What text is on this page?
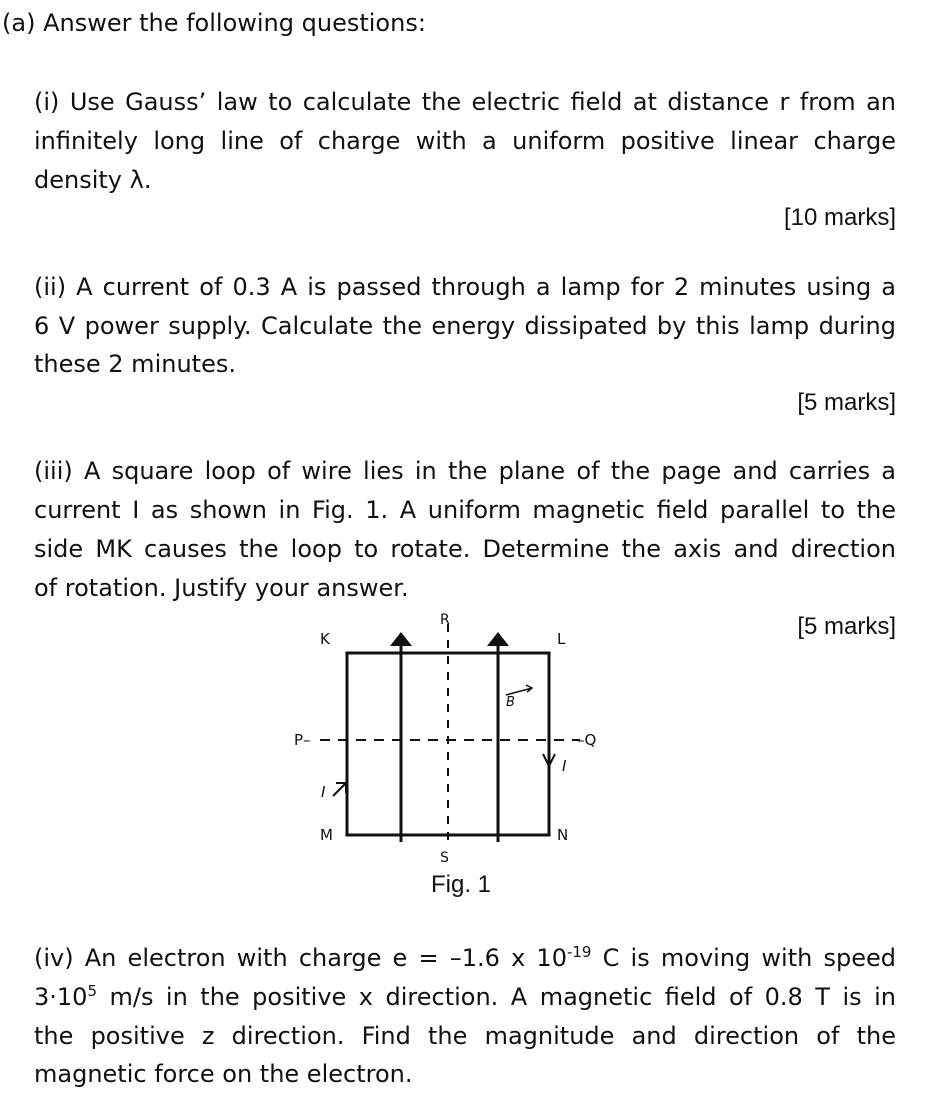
(a) Answer the following questions:
(i) Use Gauss’ law to calculate the electric field at distance r from an
infinitely long line of charge with a uniform positive linear charge
density λ.
[10 marks]
(ii) A current of 0.3 A is passed through a lamp for 2 minutes using a
6 V power supply. Calculate the energy dissipated by this lamp during
these 2 minutes.
[5 marks]
(iii) A square loop of wire lies in the plane of the page and carries a
current I as shown in Fig. 1. A uniform magnetic field parallel to the
side MK causes the loop to rotate. Determine the axis and direction
of rotation. Justify your answer.
[5 marks]
R
K	L
P–	–Q
M	N
S
I
I
B
Fig. 1
(iv) An electron with charge e = –1.6 x $10^{-19}$ C is moving with speed
$3\cdot 10^5$ m/s in the positive x direction. A magnetic field of 0.8 T is in
the positive z direction. Find the magnitude and direction of the
magnetic force on the electron.
